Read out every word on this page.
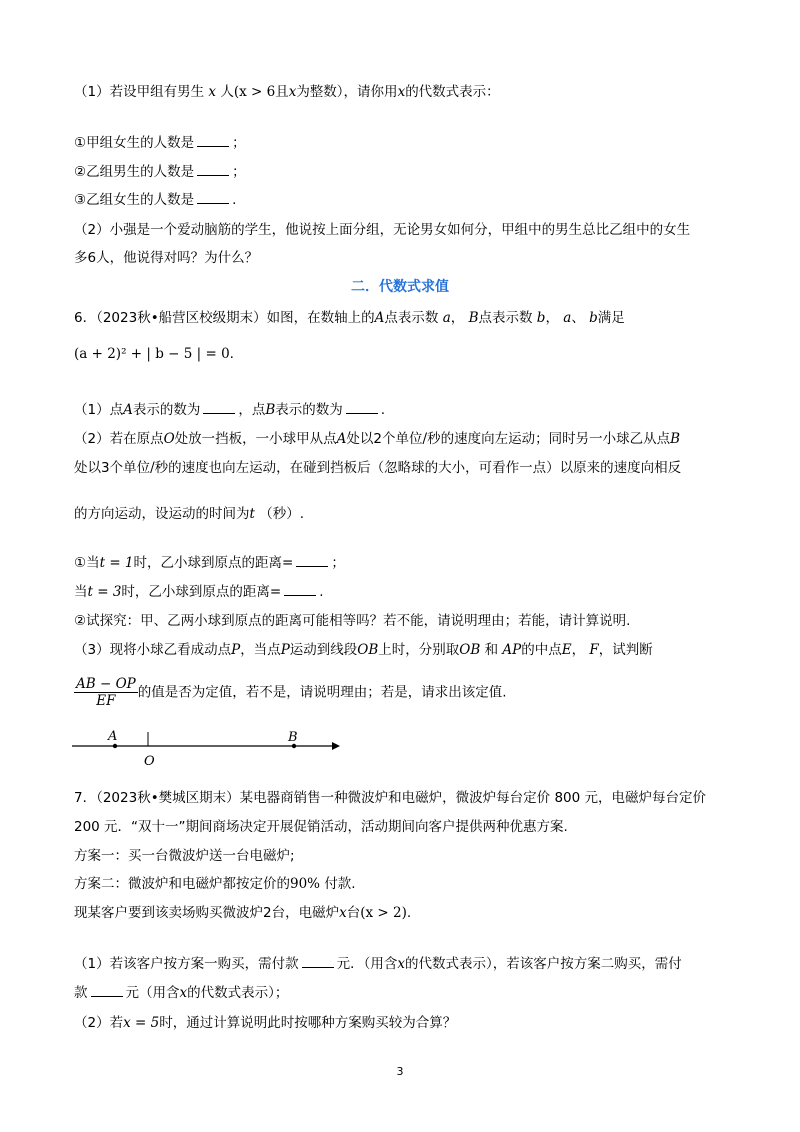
（1）若设甲组有男生 x 人(x > 6且x为整数），请你用x的代数式表示：
①甲组女生的人数是	；
②乙组男生的人数是	；
③乙组女生的人数是	.
（2）小强是一个爱动脑筋的学生，他说按上面分组，无论男女如何分，甲组中的男生总比乙组中的女生
多6人，他说得对吗？为什么？
二．代数式求值
6．（2023秋•船营区校级期末）如图，在数轴上的A点表示数 a， B点表示数 b， a、 b满足
(a + 2)² + | b − 5 | = 0.
（1）点A表示的数为	，点B表示的数为	.
（2）若在原点O处放一挡板，一小球甲从点A处以2个单位/秒的速度向左运动；同时另一小球乙从点B
处以3个单位/秒的速度也向左运动，在碰到挡板后（忽略球的大小，可看作一点）以原来的速度向相反
的方向运动，设运动的时间为t （秒）.
①当t = 1时，乙小球到原点的距离=	；
当t = 3时，乙小球到原点的距离=	.
②试探究：甲、乙两小球到原点的距离可能相等吗？若不能，请说明理由；若能，请计算说明.
（3）现将小球乙看成动点P，当点P运动到线段OB上时，分别取OB 和 AP的中点E， F，试判断
$\frac{AB - OP}{EF}$ 的值是否为定值，若不是，请说明理由；若是，请求出该定值.
A
O
B
7．（2023秋•樊城区期末）某电器商销售一种微波炉和电磁炉，微波炉每台定价 800 元，电磁炉每台定价
200 元．“双十一”期间商场决定开展促销活动，活动期间向客户提供两种优惠方案.
方案一：买一台微波炉送一台电磁炉;
方案二：微波炉和电磁炉都按定价的90% 付款.
现某客户要到该卖场购买微波炉2台，电磁炉x台(x > 2).
（1）若该客户按方案一购买，需付款	元．（用含x的代数式表示），若该客户按方案二购买，需付
款	元（用含x的代数式表示）；
（2）若x = 5时，通过计算说明此时按哪种方案购买较为合算？
3
